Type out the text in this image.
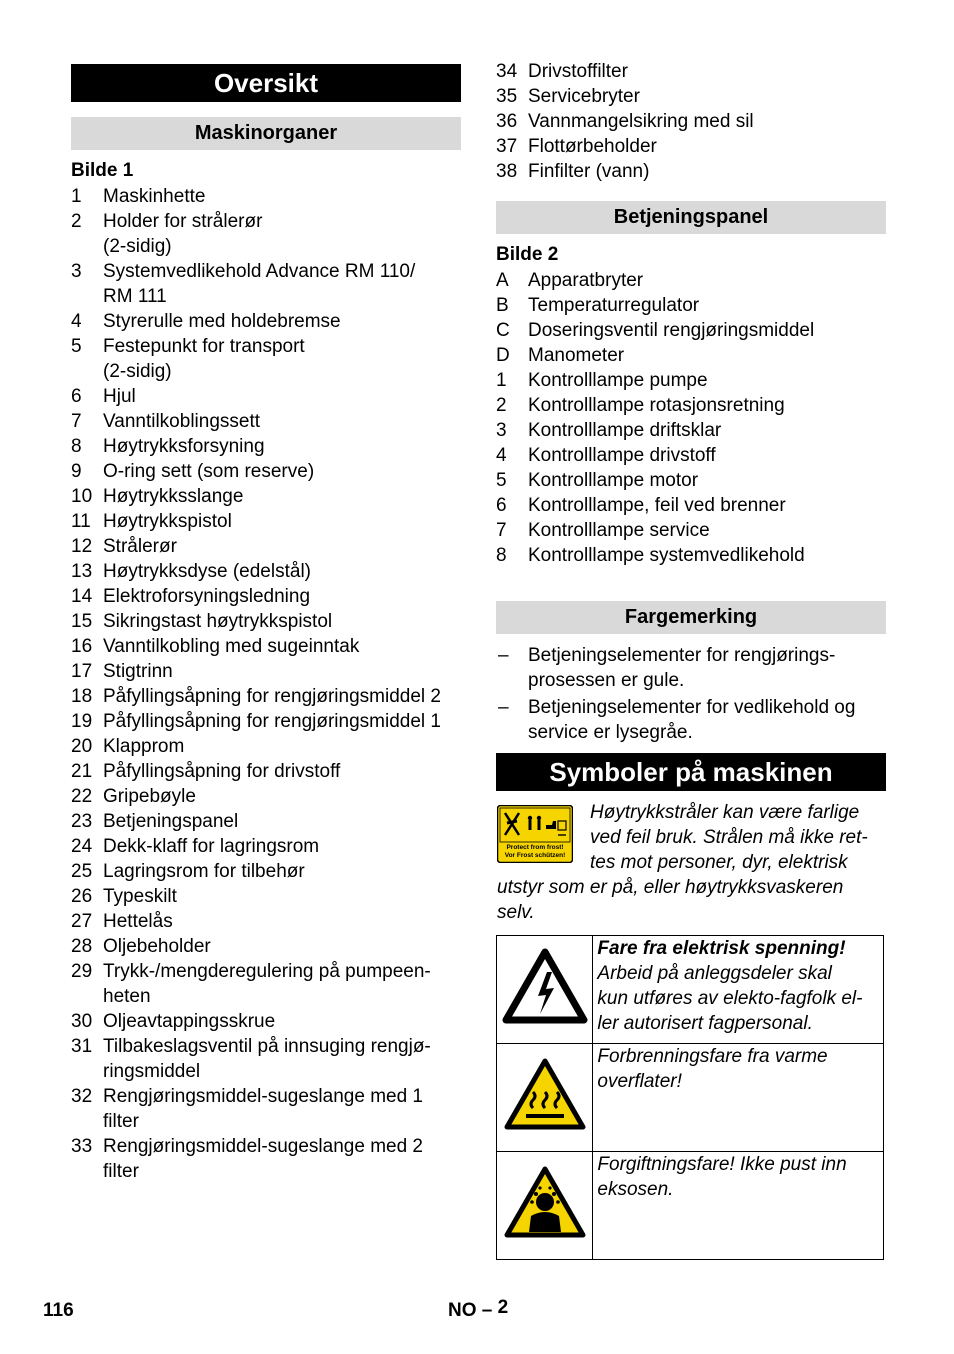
Oversikt
Maskinorganer
Bilde 1
1 Maskinhette
2 Holder for strålerør
(2-sidig)
3 Systemvedlikehold Advance RM 110/
RM 111
4 Styrerulle med holdebremse
5 Festepunkt for transport
(2-sidig)
6 Hjul
7 Vanntilkoblingssett
8 Høytrykksforsyning
9 O-ring sett (som reserve)
10 Høytrykksslange
11 Høytrykkspistol
12 Strålerør
13 Høytrykksdyse (edelstål)
14 Elektroforsyningsledning
15 Sikringstast høytrykkspistol
16 Vanntilkobling med sugeinntak
17 Stigtrinn
18 Påfyllingsåpning for rengjøringsmiddel 2
19 Påfyllingsåpning for rengjøringsmiddel 1
20 Klapprom
21 Påfyllingsåpning for drivstoff
22 Gripebøyle
23 Betjeningspanel
24 Dekk-klaff for lagringsrom
25 Lagringsrom for tilbehør
26 Typeskilt
27 Hettelås
28 Oljebeholder
29 Trykk-/mengderegulering på pumpeen-
heten
30 Oljeavtappingsskrue
31 Tilbakeslagsventil på innsuging rengjø-
ringsmiddel
32 Rengjøringsmiddel-sugeslange med 1
filter
33 Rengjøringsmiddel-sugeslange med 2
filter
34 Drivstoffilter
35 Servicebryter
36 Vannmangelsikring med sil
37 Flottørbeholder
38 Finfilter (vann)
Betjeningspanel
Bilde 2
A Apparatbryter
B Temperaturregulator
C Doseringsventil rengjøringsmiddel
D Manometer
1 Kontrolllampe pumpe
2 Kontrolllampe rotasjonsretning
3 Kontrolllampe driftsklar
4 Kontrolllampe drivstoff
5 Kontrolllampe motor
6 Kontrolllampe, feil ved brenner
7 Kontrolllampe service
8 Kontrolllampe systemvedlikehold
Fargemerking
– Betjeningselementer for rengjørings-
prosessen er gule.
– Betjeningselementer for vedlikehold og
service er lysegråe.
Symboler på maskinen
Protect from frost!
Vor Frost schützen!
Høytrykkstråler kan være farlige
ved feil bruk. Strålen må ikke ret-
tes mot personer, dyr, elektrisk
utstyr som er på, eller høytrykksvaskeren
selv.

Fare fra elektrisk spenning!
Arbeid på anleggsdeler skal
kun utføres av elekto-fagfolk el-
ler autorisert fagpersonal.

Forbrenningsfare fra varme
overflater!

Forgiftningsfare! Ikke pust inn
eksosen.
116	NO – 2
